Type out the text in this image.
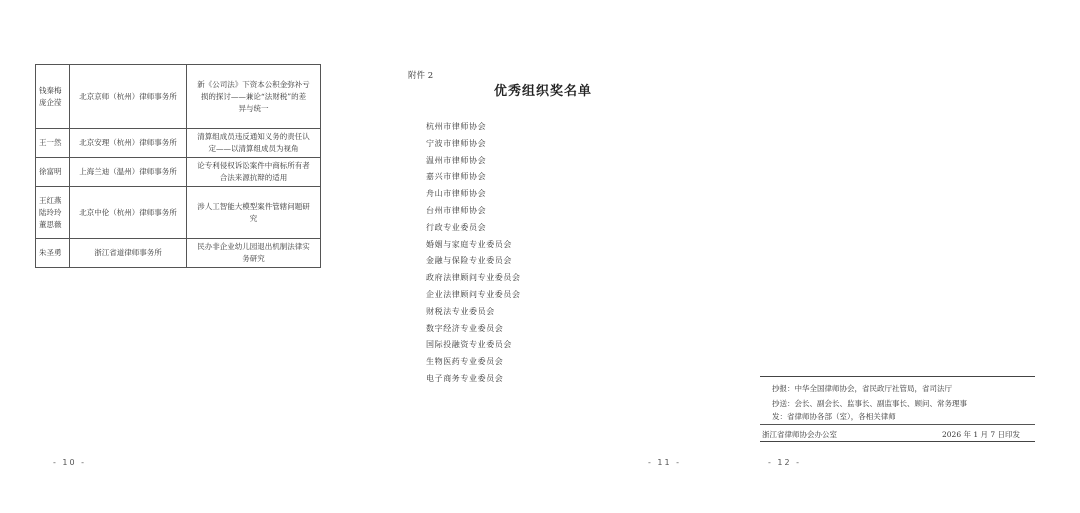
钱秦梅
庞企滢	北京京师（杭州）律师事务所	新《公司法》下资本公积金弥补亏
损的探讨——兼论“法财税”的差
异与统一

王一然	北京安理（杭州）律师事务所	清算组成员违反通知义务的责任认
定——以清算组成员为视角

徐富明	上海兰迪（温州）律师事务所	论专利侵权诉讼案件中商标所有者
合法来源抗辩的适用

王红燕
陆玲玲
董思薇	北京中伦（杭州）律师事务所	涉人工智能大模型案件管辖问题研
究

朱圣勇	浙江省道律师事务所	民办非企业幼儿园退出机制法律实
务研究
- 10 -
附件 2
优秀组织奖名单
杭州市律师协会
宁波市律师协会
温州市律师协会
嘉兴市律师协会
舟山市律师协会
台州市律师协会
行政专业委员会
婚姻与家庭专业委员会
金融与保险专业委员会
政府法律顾问专业委员会
企业法律顾问专业委员会
财税法专业委员会
数字经济专业委员会
国际投融资专业委员会
生物医药专业委员会
电子商务专业委员会
- 11 -
抄报：中华全国律师协会，省民政厅社管局，省司法厅
抄送：会长、副会长、监事长、副监事长、顾问、常务理事
发：省律师协各部（室），各相关律师
浙江省律师协会办公室	2026 年 1 月 7 日印发
- 12 -
